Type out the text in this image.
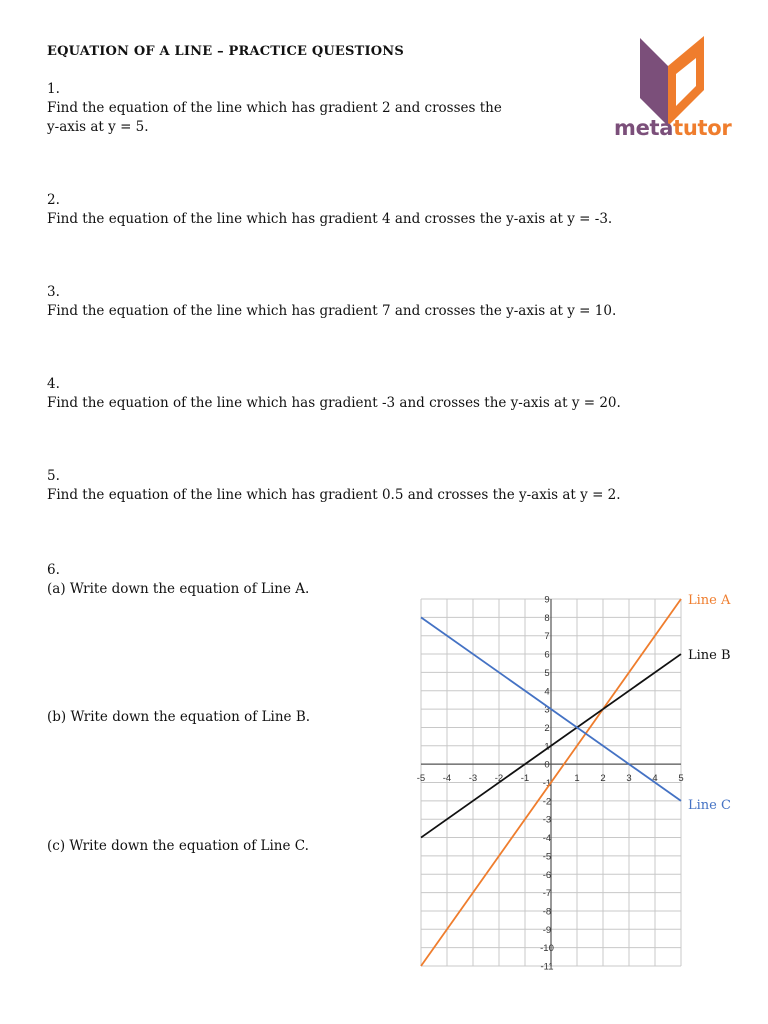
EQUATION OF A LINE – PRACTICE QUESTIONS
metatutor
1.
Find the equation of the line which has gradient 2 and crosses the
y-axis at y = 5.
2.
Find the equation of the line which has gradient 4 and crosses the y-axis at y = -3.
3.
Find the equation of the line which has gradient 7 and crosses the y-axis at y = 10.
4.
Find the equation of the line which has gradient -3 and crosses the y-axis at y = 20.
5.
Find the equation of the line which has gradient 0.5 and crosses the y-axis at y = 2.
6.
(a) Write down the equation of Line A.
(b) Write down the equation of Line B.
(c) Write down the equation of Line C.
-5 -4 -3 -2 -1	1 2 3 4 5
9
8
7
6
5
4
3
2
1
0
-1
-2
-3
-4
-5
-6
-7
-8
-9
-10
-11
Line A
Line B
Line C
